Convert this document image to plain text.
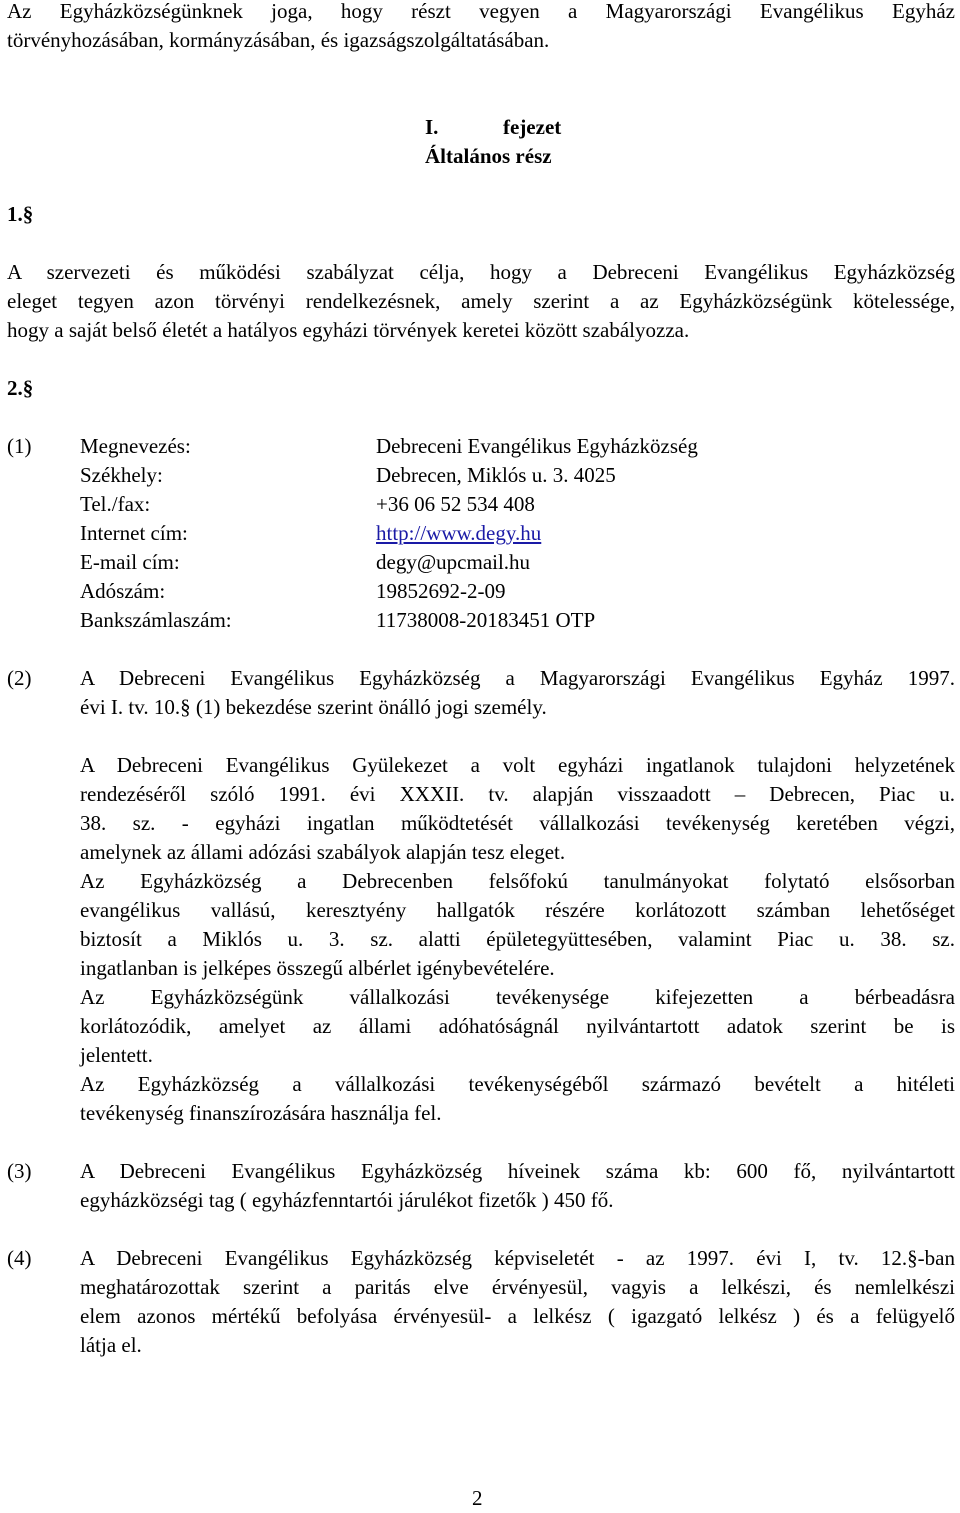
Az Egyházközségünknek joga, hogy részt vegyen a Magyarországi Evangélikus Egyház
törvényhozásában, kormányzásában, és igazságszolgáltatásában.
I.	fejezet
Általános rész
1.§
A szervezeti és működési szabályzat célja, hogy a Debreceni Evangélikus Egyházközség
eleget tegyen azon törvényi rendelkezésnek, amely szerint a az Egyházközségünk kötelessége,
hogy a saját belső életét a hatályos egyházi törvények keretei között szabályozza.
2.§
(1) Megnevezés:	Debreceni Evangélikus Egyházközség
Székhely:	Debrecen, Miklós u. 3. 4025
Tel./fax:	+36 06 52 534 408
Internet cím:	http://www.degy.hu
E-mail cím:	degy@upcmail.hu
Adószám:	19852692-2-09
Bankszámlaszám:	11738008-20183451 OTP
(2) A Debreceni Evangélikus Egyházközség a Magyarországi Evangélikus Egyház 1997.
évi I. tv. 10.§ (1) bekezdése szerint önálló jogi személy.
A Debreceni Evangélikus Gyülekezet a volt egyházi ingatlanok tulajdoni helyzetének
rendezéséről szóló 1991. évi XXXII. tv. alapján visszaadott – Debrecen, Piac u.
38. sz. - egyházi ingatlan működtetését vállalkozási tevékenység keretében végzi,
amelynek az állami adózási szabályok alapján tesz eleget.
Az Egyházközség a Debrecenben felsőfokú tanulmányokat folytató elsősorban
evangélikus vallású, keresztyény hallgatók részére korlátozott számban lehetőséget
biztosít a Miklós u. 3. sz. alatti épületegyüttesében, valamint Piac u. 38. sz.
ingatlanban is jelképes összegű albérlet igénybevételére.
Az Egyházközségünk vállalkozási tevékenysége kifejezetten a bérbeadásra
korlátozódik, amelyet az állami adóhatóságnál nyilvántartott adatok szerint be is
jelentett.
Az Egyházközség a vállalkozási tevékenységéből származó bevételt a hitéleti
tevékenység finanszírozására használja fel.
(3) A Debreceni Evangélikus Egyházközség híveinek száma kb: 600 fő, nyilvántartott
egyházközségi tag ( egyházfenntartói járulékot fizetők ) 450 fő.
(4) A Debreceni Evangélikus Egyházközség képviseletét - az 1997. évi I, tv. 12.§-ban
meghatározottak szerint a paritás elve érvényesül, vagyis a lelkészi, és nemlelkészi
elem azonos mértékű befolyása érvényesül- a lelkész ( igazgató lelkész ) és a felügyelő
látja el.
2
